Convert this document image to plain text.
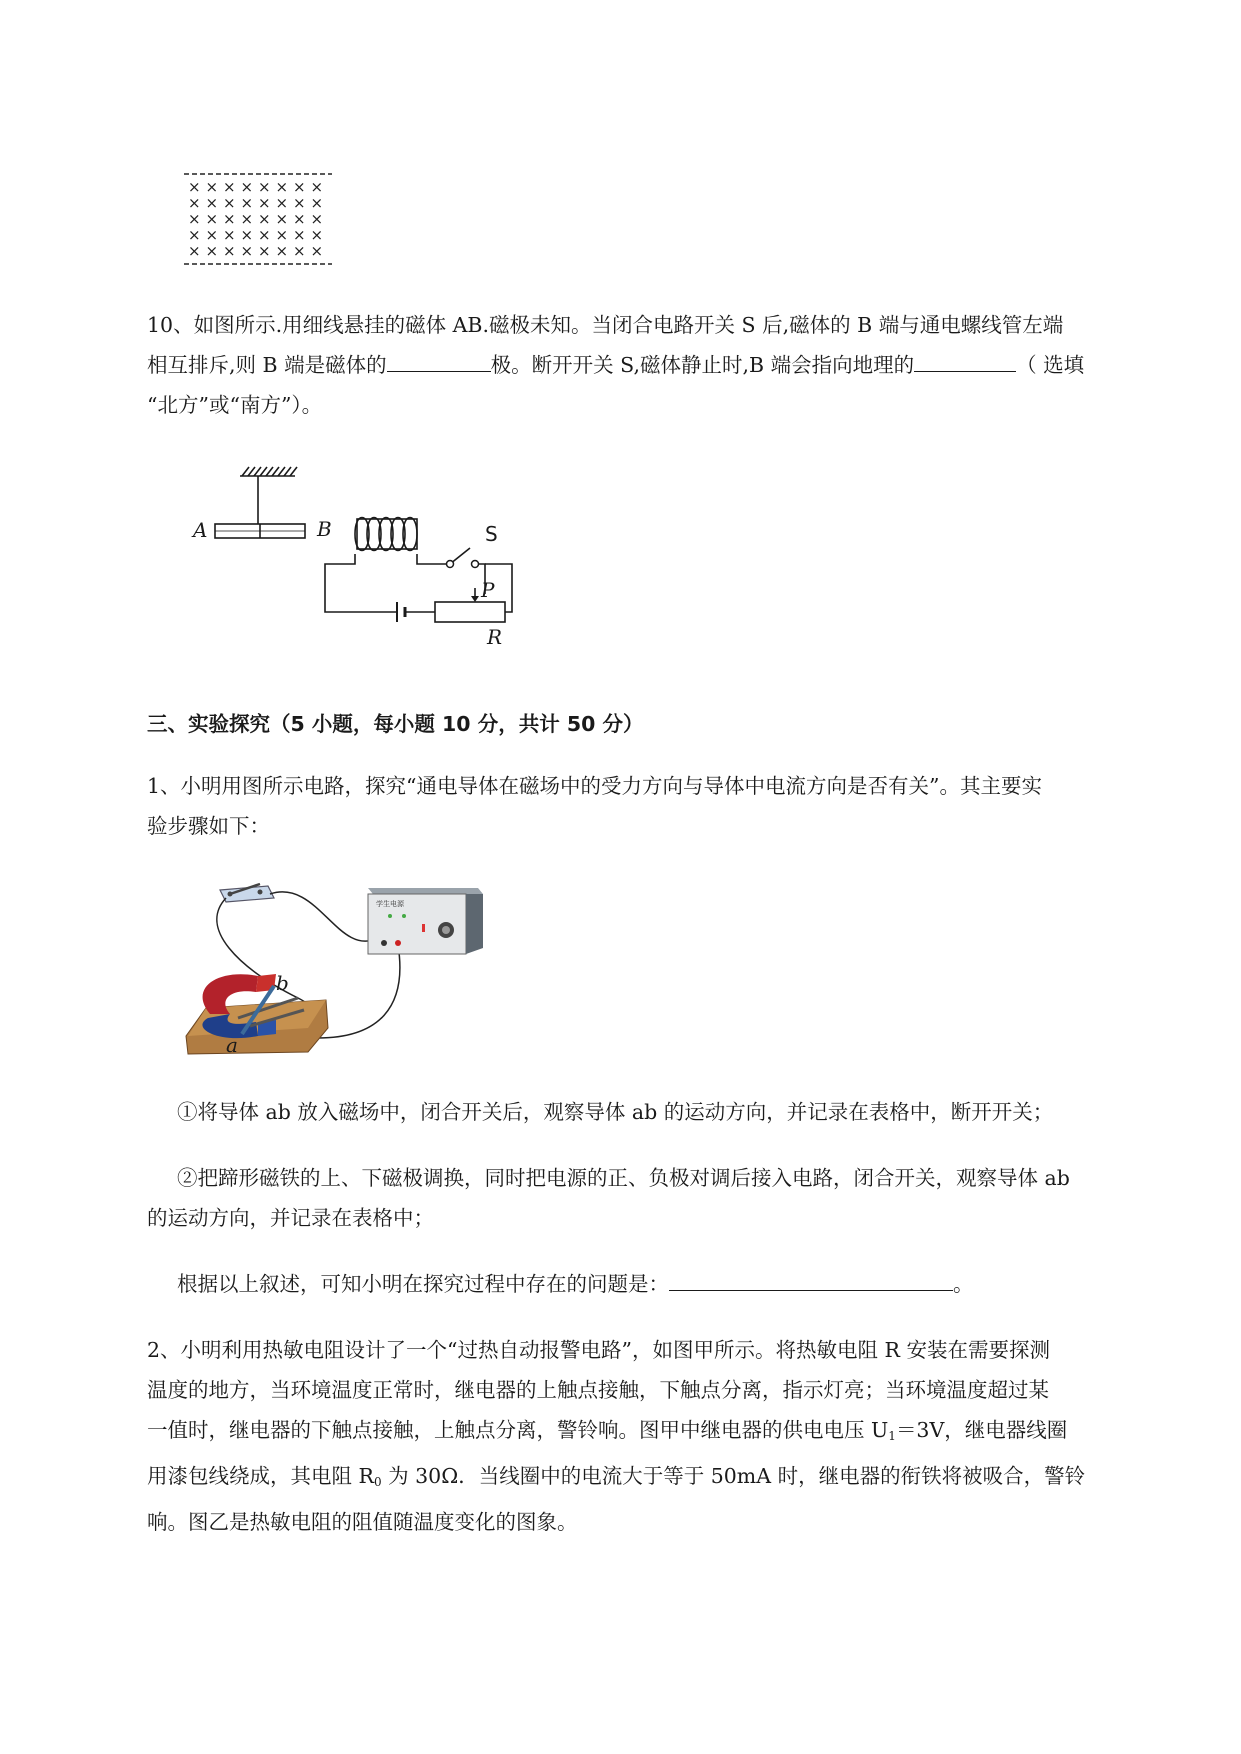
× × × × × × × ×
× × × × × × × ×
× × × × × × × ×
× × × × × × × ×
× × × × × × × ×
10、如图所示.用细线悬挂的磁体 AB.磁极未知。当闭合电路开关 S 后,磁体的 B 端与通电螺线管左端
相互排斥,则 B 端是磁体的	极。断开开关 S,磁体静止时,B 端会指向地理的	（ 选填
“北方”或“南方”）。
A	B	S
P
R
三、实验探究（5 小题，每小题 10 分，共计 50 分）
1、小明用图所示电路，探究“通电导体在磁场中的受力方向与导体中电流方向是否有关”。其主要实
验步骤如下：
学生电源
b
a
①将导体 ab 放入磁场中，闭合开关后，观察导体 ab 的运动方向，并记录在表格中，断开开关；
②把蹄形磁铁的上、下磁极调换，同时把电源的正、负极对调后接入电路，闭合开关，观察导体 ab
的运动方向，并记录在表格中；
根据以上叙述，可知小明在探究过程中存在的问题是：	。
2、小明利用热敏电阻设计了一个“过热自动报警电路”，如图甲所示。将热敏电阻 R 安装在需要探测
温度的地方，当环境温度正常时，继电器的上触点接触，下触点分离，指示灯亮；当环境温度超过某
一值时，继电器的下触点接触，上触点分离，警铃响。图甲中继电器的供电电压 $U_1=3V$，继电器线圈
用漆包线绕成，其电阻 $R_0$ 为 30Ω．当线圈中的电流大于等于 50mA 时，继电器的衔铁将被吸合，警铃
响。图乙是热敏电阻的阻值随温度变化的图象。
